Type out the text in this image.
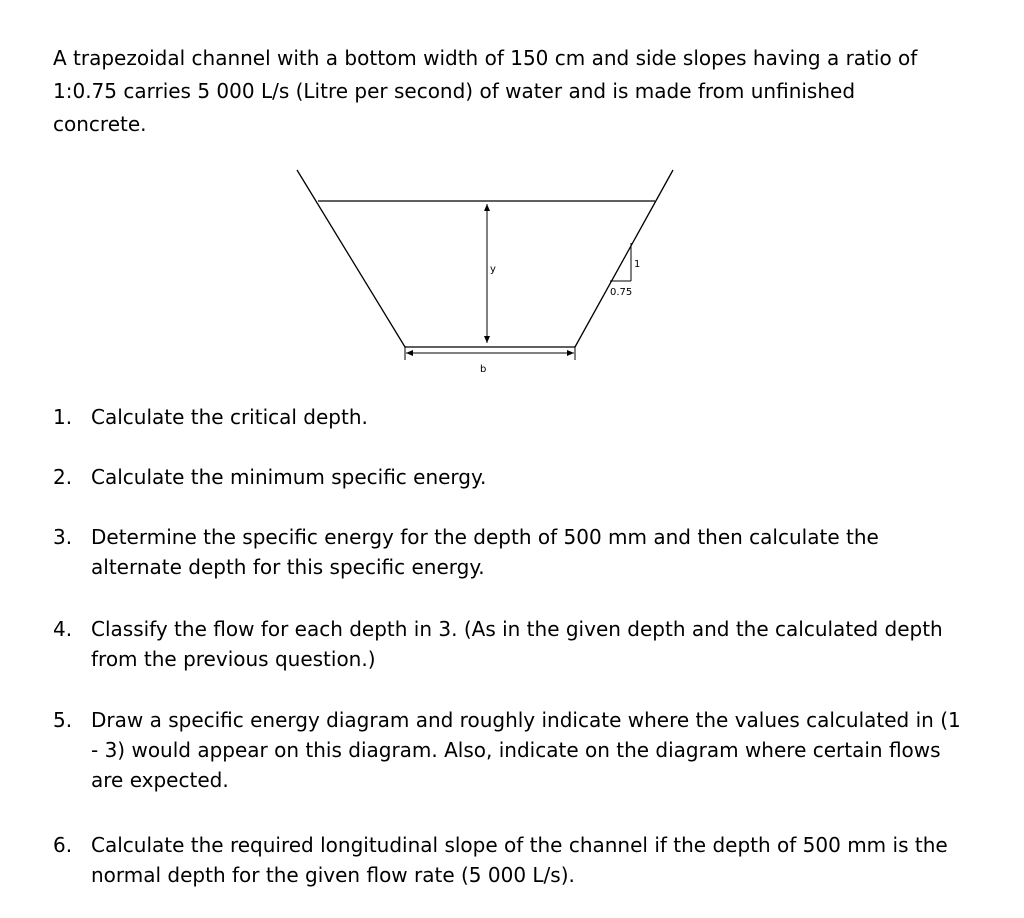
A trapezoidal channel with a bottom width of 150 cm and side slopes having a ratio of 1:0.75 carries 5 000 L/s (Litre per second) of water and is made from unfinished concrete.

y
b
1
0.75
1. Calculate the critical depth.
2. Calculate the minimum specific energy.
3. Determine the specific energy for the depth of 500 mm and then calculate the alternate depth for this specific energy.
4. Classify the flow for each depth in 3. (As in the given depth and the calculated depth from the previous question.)
5. Draw a specific energy diagram and roughly indicate where the values calculated in (1 - 3) would appear on this diagram. Also, indicate on the diagram where certain flows are expected.
6. Calculate the required longitudinal slope of the channel if the depth of 500 mm is the normal depth for the given flow rate (5 000 L/s).
